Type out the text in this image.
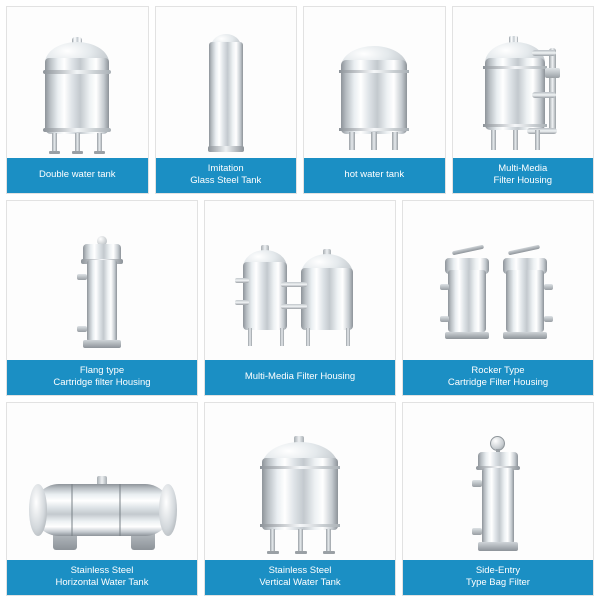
Double water tank
Imitation
Glass Steel Tank
hot water tank
Multi-Media
Filter Housing
Flang type
Cartridge filter Housing
Multi-Media Filter Housing
Rocker Type
Cartridge Filter Housing
Stainless Steel
Horizontal Water Tank
Stainless Steel
Vertical Water Tank
Side-Entry
Type Bag Filter
